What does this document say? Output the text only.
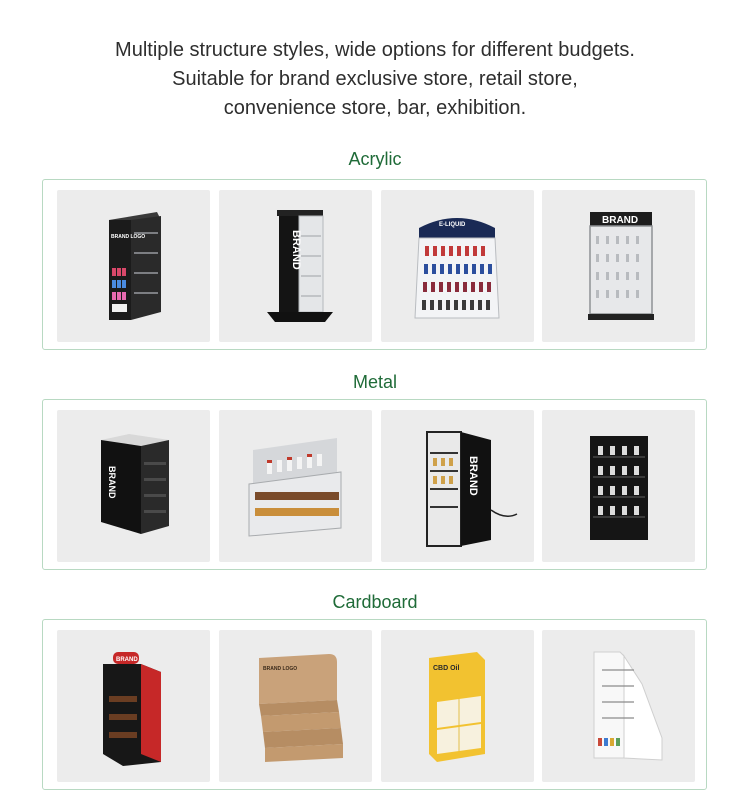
Multiple structure styles, wide options for different budgets.
Suitable for brand exclusive store, retail store,
convenience store, bar, exhibition.
Acrylic
BRAND LOGO	BRAND
E-LIQUID	BRAND
Metal
BRAND	BRAND
Cardboard
BRAND
BRAND LOGO	CBD Oil
